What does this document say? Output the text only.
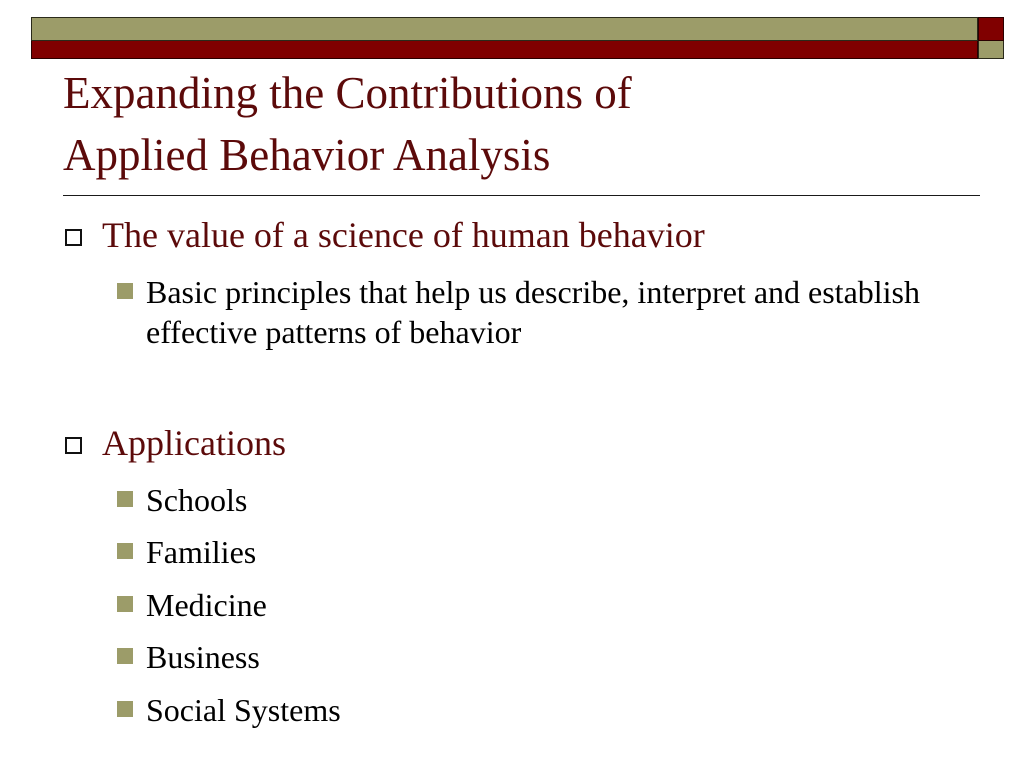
Expanding the Contributions of
Applied Behavior Analysis
The value of a science of human behavior
Basic principles that help us describe, interpret and establish effective patterns of behavior
Applications
Schools
Families
Medicine
Business
Social Systems
